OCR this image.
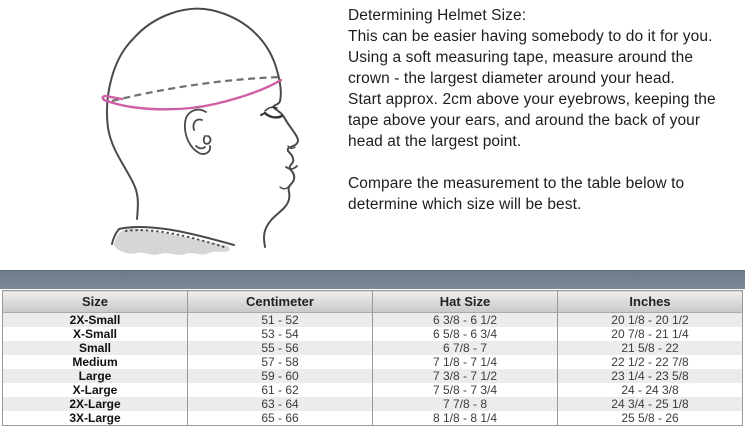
Determining Helmet Size:

This can be easier having somebody to do it for you.

Using a soft measuring tape, measure around the crown - the largest diameter around your head.

Start approx. 2cm above your eyebrows, keeping the tape above your ears, and around the back of your head at the largest point.

Compare the measurement to the table below to determine which size will be best.

Size	Centimeter	Hat Size	Inches
2X-Small	51 - 52	6 3/8 - 6 1/2	20 1/8 - 20 1/2
X-Small	53 - 54	6 5/8 - 6 3/4	20 7/8 - 21 1/4
Small	55 - 56	6 7/8 - 7	21 5/8 - 22
Medium	57 - 58	7 1/8 - 7 1/4	22 1/2 - 22 7/8
Large	59 - 60	7 3/8 - 7 1/2	23 1/4 - 23 5/8
X-Large	61 - 62	7 5/8 - 7 3/4	24 - 24 3/8
2X-Large	63 - 64	7 7/8 - 8	24 3/4 - 25 1/8
3X-Large	65 - 66	8 1/8 - 8 1/4	25 5/8 - 26
